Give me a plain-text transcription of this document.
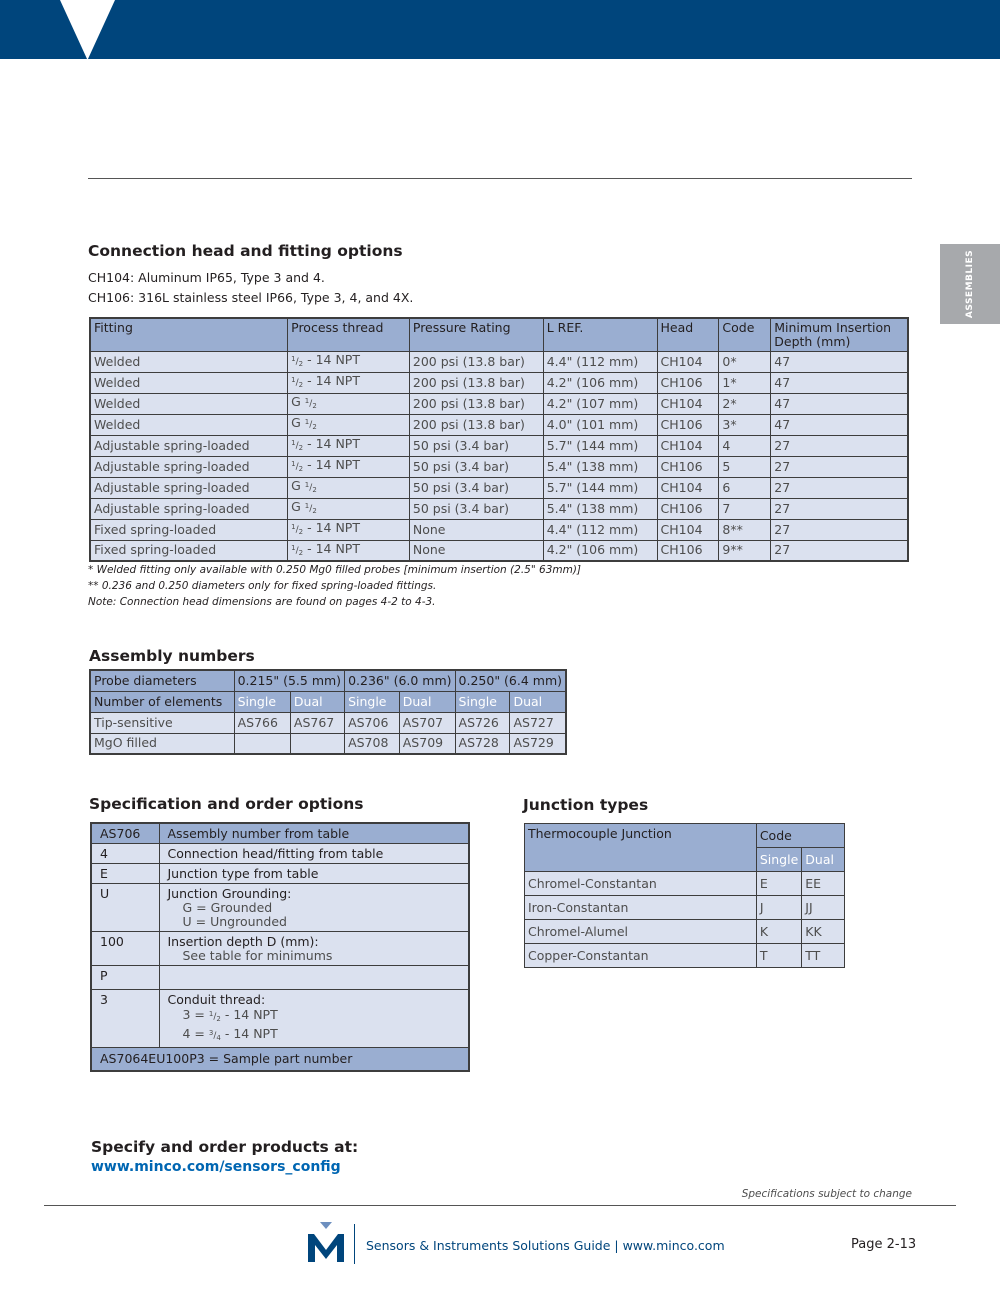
ASSEMBLIES
Connection head and fitting options
CH104: Aluminum IP65, Type 3 and 4.
CH106: 316L stainless steel IP66, Type 3, 4, and 4X.
Fitting	Process thread	Pressure Rating	L REF.	Head	Code	Minimum Insertion Depth (mm)
Welded	$^1/_2 - 14$ NPT	200 psi (13.8 bar)	4.4" (112 mm)	CH104	0*	47
Welded	$^1/_2 - 14$ NPT	200 psi (13.8 bar)	4.2" (106 mm)	CH106	1*	47
Welded	G $^1/_2$	200 psi (13.8 bar)	4.2" (107 mm)	CH104	2*	47
Welded	G $^1/_2$	200 psi (13.8 bar)	4.0" (101 mm)	CH106	3*	47
Adjustable spring-loaded	$^1/_2 - 14$ NPT	50 psi (3.4 bar)	5.7" (144 mm)	CH104	4	27
Adjustable spring-loaded	$^1/_2 - 14$ NPT	50 psi (3.4 bar)	5.4" (138 mm)	CH106	5	27
Adjustable spring-loaded	G $^1/_2$	50 psi (3.4 bar)	5.7" (144 mm)	CH104	6	27
Adjustable spring-loaded	G $^1/_2$	50 psi (3.4 bar)	5.4" (138 mm)	CH106	7	27
Fixed spring-loaded	$^1/_2 - 14$ NPT	None	4.4" (112 mm)	CH104	8**	27
Fixed spring-loaded	$^1/_2 - 14$ NPT	None	4.2" (106 mm)	CH106	9**	27
* Welded fitting only available with 0.250 Mg0 filled probes [minimum insertion (2.5" 63mm)]
** 0.236 and 0.250 diameters only for fixed spring-loaded fittings.
Note: Connection head dimensions are found on pages 4-2 to 4-3.
Assembly numbers
Probe diameters	0.215" (5.5 mm)		0.236" (6.0 mm)		0.250" (6.4 mm)	
Number of elements	Single	Dual	Single	Dual	Single	Dual
Tip-sensitive	AS766	AS767	AS706	AS707	AS726	AS727
MgO filled			AS708	AS709	AS728	AS729
Specification and order options
AS706	Assembly number from table
4	Connection head/fitting from table
E	Junction type from table
U	Junction Grounding:
G = Grounded
U = Ungrounded

100	Insertion depth D (mm):
See table for minimums

P	
3	Conduit thread:
$3 = ^1/_2 - 14$ NPT
$4 = ^3/_4 - 14$ NPT

AS7064EU100P3 = Sample part number	
Junction types
Thermocouple Junction	Code	
	Single	Dual
Chromel-Constantan	E	EE
Iron-Constantan	J	JJ
Chromel-Alumel	K	KK
Copper-Constantan	T	TT
Specify and order products at:
www.minco.com/sensors_config
Specifications subject to change
Sensors & Instruments Solutions Guide | www.minco.com	Page 2-13
